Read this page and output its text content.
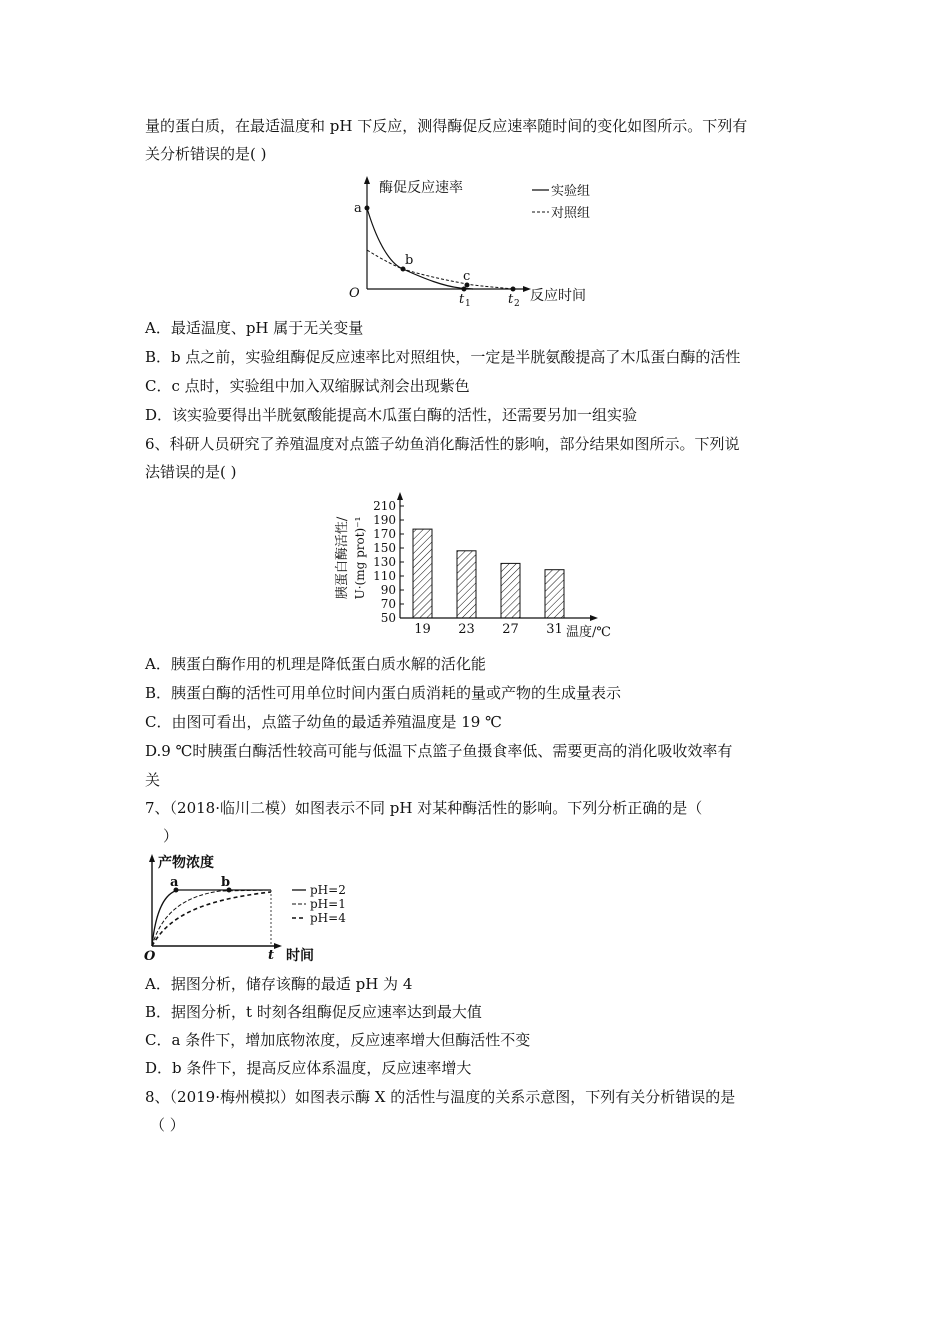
量的蛋白质，在最适温度和 pH 下反应，测得酶促反应速率随时间的变化如图所示。下列有
关分析错误的是( )
酶促反应速率
反应时间
O
实验组
对照组
a
b
c
t 1	t 2
A．最适温度、pH 属于无关变量
B．b 点之前，实验组酶促反应速率比对照组快，一定是半胱氨酸提高了木瓜蛋白酶的活性
C．c 点时，实验组中加入双缩脲试剂会出现紫色
D．该实验要得出半胱氨酸能提高木瓜蛋白酶的活性，还需要另加一组实验
6、科研人员研究了养殖温度对点篮子幼鱼消化酶活性的影响，部分结果如图所示。下列说
法错误的是( )
胰蛋白酶活性/ U·(mg prot)⁻¹
50
70
90
110
130
150
170
190
210
19 23 27 31 温度/℃
A．胰蛋白酶作用的机理是降低蛋白质水解的活化能
B．胰蛋白酶的活性可用单位时间内蛋白质消耗的量或产物的生成量表示
C．由图可看出，点篮子幼鱼的最适养殖温度是 19 ℃
D.9 ℃时胰蛋白酶活性较高可能与低温下点篮子鱼摄食率低、需要更高的消化吸收效率有
关
7、（2018·临川二模）如图表示不同 pH 对某种酶活性的影响。下列分析正确的是（
）
产物浓度
时间
O	t
a	b	pH=2
pH=1
pH=4
A．据图分析，储存该酶的最适 pH 为 4
B．据图分析，t 时刻各组酶促反应速率达到最大值
C．a 条件下，增加底物浓度，反应速率增大但酶活性不变
D．b 条件下，提高反应体系温度，反应速率增大
8、（2019·梅州模拟）如图表示酶 X 的活性与温度的关系示意图，下列有关分析错误的是
（ ）
